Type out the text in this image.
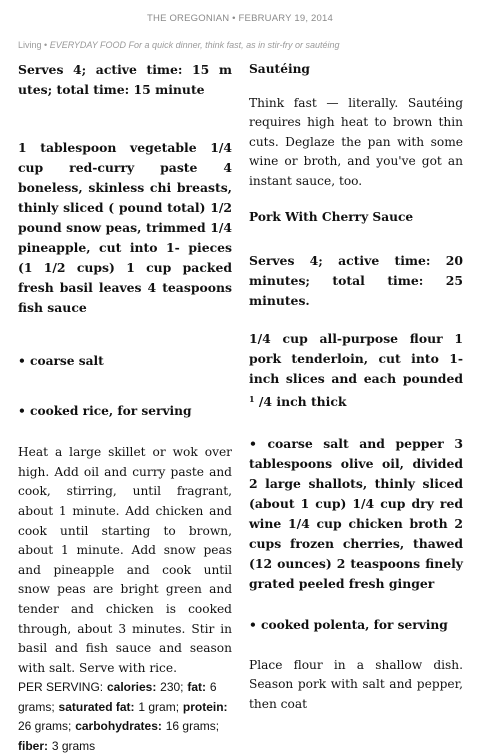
THE OREGONIAN • FEBRUARY 19, 2014
Living • EVERYDAY FOOD For a quick dinner, think fast, as in stir-fry or sautéing

Serves 4; active time: 15 m utes; total time: 15 minute

1 tablespoon vegetable 1/4 cup red-curry paste 4 boneless, skinless chi breasts, thinly sliced ( pound total) 1/2 pound snow peas, trimmed 1/4 pineapple, cut into 1- pieces (1 1/2 cups) 1 cup packed fresh basil leaves 4 teaspoons fish sauce

• coarse salt

• cooked rice, for serving

Heat a large skillet or wok over high. Add oil and curry paste and cook, stirring, until fragrant, about 1 minute. Add chicken and cook until starting to brown, about 1 minute. Add snow peas and pineapple and cook until snow peas are bright green and tender and chicken is cooked through, about 3 minutes. Stir in basil and fish sauce and season with salt. Serve with rice.

PER SERVING: calories: 230; fat: 6 grams; saturated fat: 1 gram; protein: 26 grams; carbohydrates: 16 grams; fiber: 3 grams

Sautéing

Think fast — literally. Sautéing requires high heat to brown thin cuts. Deglaze the pan with some wine or broth, and you've got an instant sauce, too.

Pork With Cherry Sauce

Serves 4; active time: 20 minutes; total time: 25 minutes.

1/4 cup all-purpose flour 1 pork tenderloin, cut into 1-inch slices and each pounded $^1$ /4 inch thick

• coarse salt and pepper 3 tablespoons olive oil, divided 2 large shallots, thinly sliced (about 1 cup) 1/4 cup dry red wine 1/4 cup chicken broth 2 cups frozen cherries, thawed (12 ounces) 2 teaspoons finely grated peeled fresh ginger

• cooked polenta, for serving

Place flour in a shallow dish. Season pork with salt and pepper, then coat
